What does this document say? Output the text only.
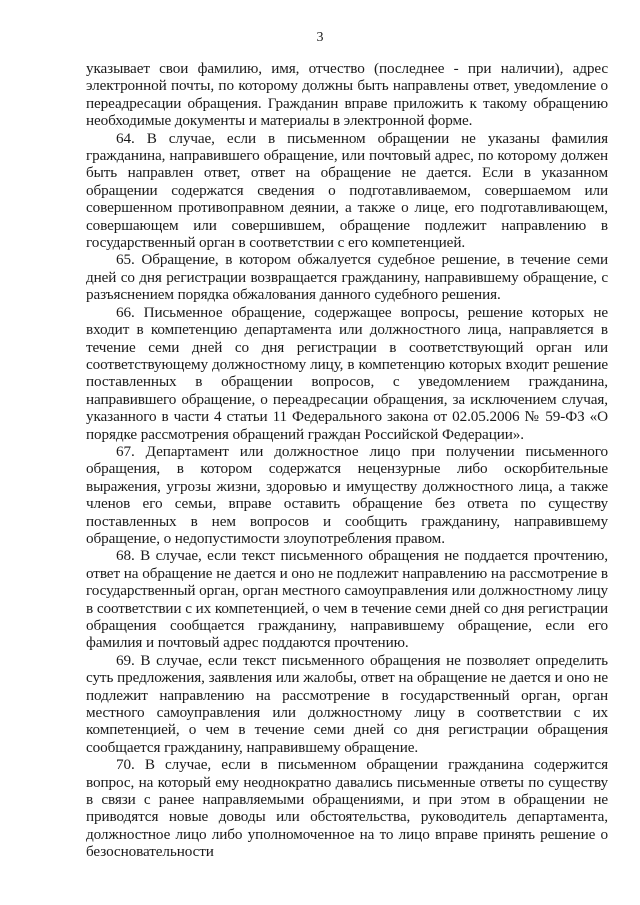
3

указывает свои фамилию, имя, отчество (последнее - при наличии), адрес электронной почты, по которому должны быть направлены ответ, уведомление о переадресации обращения. Гражданин вправе приложить к такому обращению необходимые документы и материалы в электронной форме.

64. В случае, если в письменном обращении не указаны фамилия гражданина, направившего обращение, или почтовый адрес, по которому должен быть направлен ответ, ответ на обращение не дается. Если в указанном обращении содержатся сведения о подготавливаемом, совершаемом или совершенном противоправном деянии, а также о лице, его подготавливающем, совершающем или совершившем, обращение подлежит направлению в государственный орган в соответствии с его компетенцией.

65. Обращение, в котором обжалуется судебное решение, в течение семи дней со дня регистрации возвращается гражданину, направившему обращение, с разъяснением порядка обжалования данного судебного решения.

66. Письменное обращение, содержащее вопросы, решение которых не входит в компетенцию департамента или должностного лица, направляется в течение семи дней со дня регистрации в соответствующий орган или соответствующему должностному лицу, в компетенцию которых входит решение поставленных в обращении вопросов, с уведомлением гражданина, направившего обращение, о переадресации обращения, за исключением случая, указанного в части 4 статьи 11 Федерального закона от 02.05.2006 № 59-ФЗ «О порядке рассмотрения обращений граждан Российской Федерации».

67. Департамент или должностное лицо при получении письменного обращения, в котором содержатся нецензурные либо оскорбительные выражения, угрозы жизни, здоровью и имуществу должностного лица, а также членов его семьи, вправе оставить обращение без ответа по существу поставленных в нем вопросов и сообщить гражданину, направившему обращение, о недопустимости злоупотребления правом.

68. В случае, если текст письменного обращения не поддается прочтению, ответ на обращение не дается и оно не подлежит направлению на рассмотрение в государственный орган, орган местного самоуправления или должностному лицу в соответствии с их компетенцией, о чем в течение семи дней со дня регистрации обращения сообщается гражданину, направившему обращение, если его фамилия и почтовый адрес поддаются прочтению.

69. В случае, если текст письменного обращения не позволяет определить суть предложения, заявления или жалобы, ответ на обращение не дается и оно не подлежит направлению на рассмотрение в государственный орган, орган местного самоуправления или должностному лицу в соответствии с их компетенцией, о чем в течение семи дней со дня регистрации обращения сообщается гражданину, направившему обращение.

70. В случае, если в письменном обращении гражданина содержится вопрос, на который ему неоднократно давались письменные ответы по существу в связи с ранее направляемыми обращениями, и при этом в обращении не приводятся новые доводы или обстоятельства, руководитель департамента, должностное лицо либо уполномоченное на то лицо вправе принять решение о безосновательности
